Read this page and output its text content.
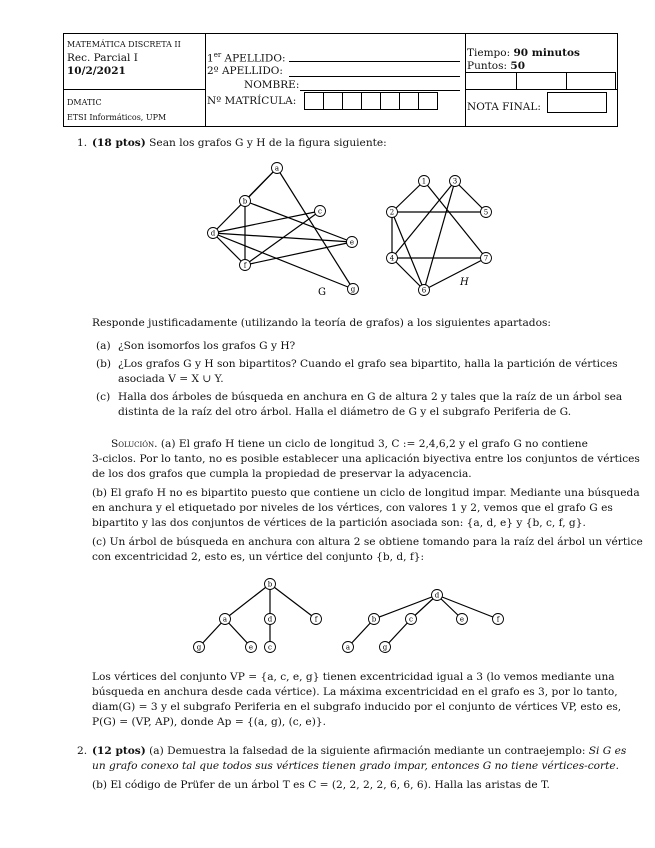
MATEMÁTICA DISCRETA II
Rec. Parcial I
10/2/2021
DMATIC
ETSI Informáticos, UPM
1er APELLIDO:
2º APELLIDO:
NOMBRE:
Nº MATRÍCULA:
Tiempo: 90 minutos
Puntos: 50
NOTA FINAL:
1. (18 ptos) Sean los grafos G y H de la figura siguiente:
a
b
c
d
e
f
g
1
2
3
4
5
6
7
G
H
b
a	d	f
g	e c
d
b	c	e	f
a	g
Responde justificadamente (utilizando la teoría de grafos) a los siguientes apartados:
(a) ¿Son isomorfos los grafos G y H?
(b) ¿Los grafos G y H son bipartitos? Cuando el grafo sea bipartito, halla la partición de vértices
asociada V = X ∪ Y.
(c) Halla dos árboles de búsqueda en anchura en G de altura 2 y tales que la raíz de un árbol sea
distinta de la raíz del otro árbol. Halla el diámetro de G y el subgrafo Periferia de G.
Solución. (a) El grafo H tiene un ciclo de longitud 3, C := 2,4,6,2 y el grafo G no contiene
3-ciclos. Por lo tanto, no es posible establecer una aplicación biyectiva entre los conjuntos de vértices
de los dos grafos que cumpla la propiedad de preservar la adyacencia.
(b) El grafo H no es bipartito puesto que contiene un ciclo de longitud impar. Mediante una búsqueda
en anchura y el etiquetado por niveles de los vértices, con valores 1 y 2, vemos que el grafo G es
bipartito y las dos conjuntos de vértices de la partición asociada son: {a, d, e} y {b, c, f, g}.
(c) Un árbol de búsqueda en anchura con altura 2 se obtiene tomando para la raíz del árbol un vértice
con excentricidad 2, esto es, un vértice del conjunto {b, d, f}:
Los vértices del conjunto VP = {a, c, e, g} tienen excentricidad igual a 3 (lo vemos mediante una
búsqueda en anchura desde cada vértice). La máxima excentricidad en el grafo es 3, por lo tanto,
diam(G) = 3 y el subgrafo Periferia en el subgrafo inducido por el conjunto de vértices VP, esto es,
P(G) = (VP, AP), donde Ap = {(a, g), (c, e)}.
2. (12 ptos) (a) Demuestra la falsedad de la siguiente afirmación mediante un contraejemplo: Si G es
un grafo conexo tal que todos sus vértices tienen grado impar, entonces G no tiene vértices-corte.
(b) El código de Prüfer de un árbol T es C = (2, 2, 2, 2, 6, 6, 6). Halla las aristas de T.
